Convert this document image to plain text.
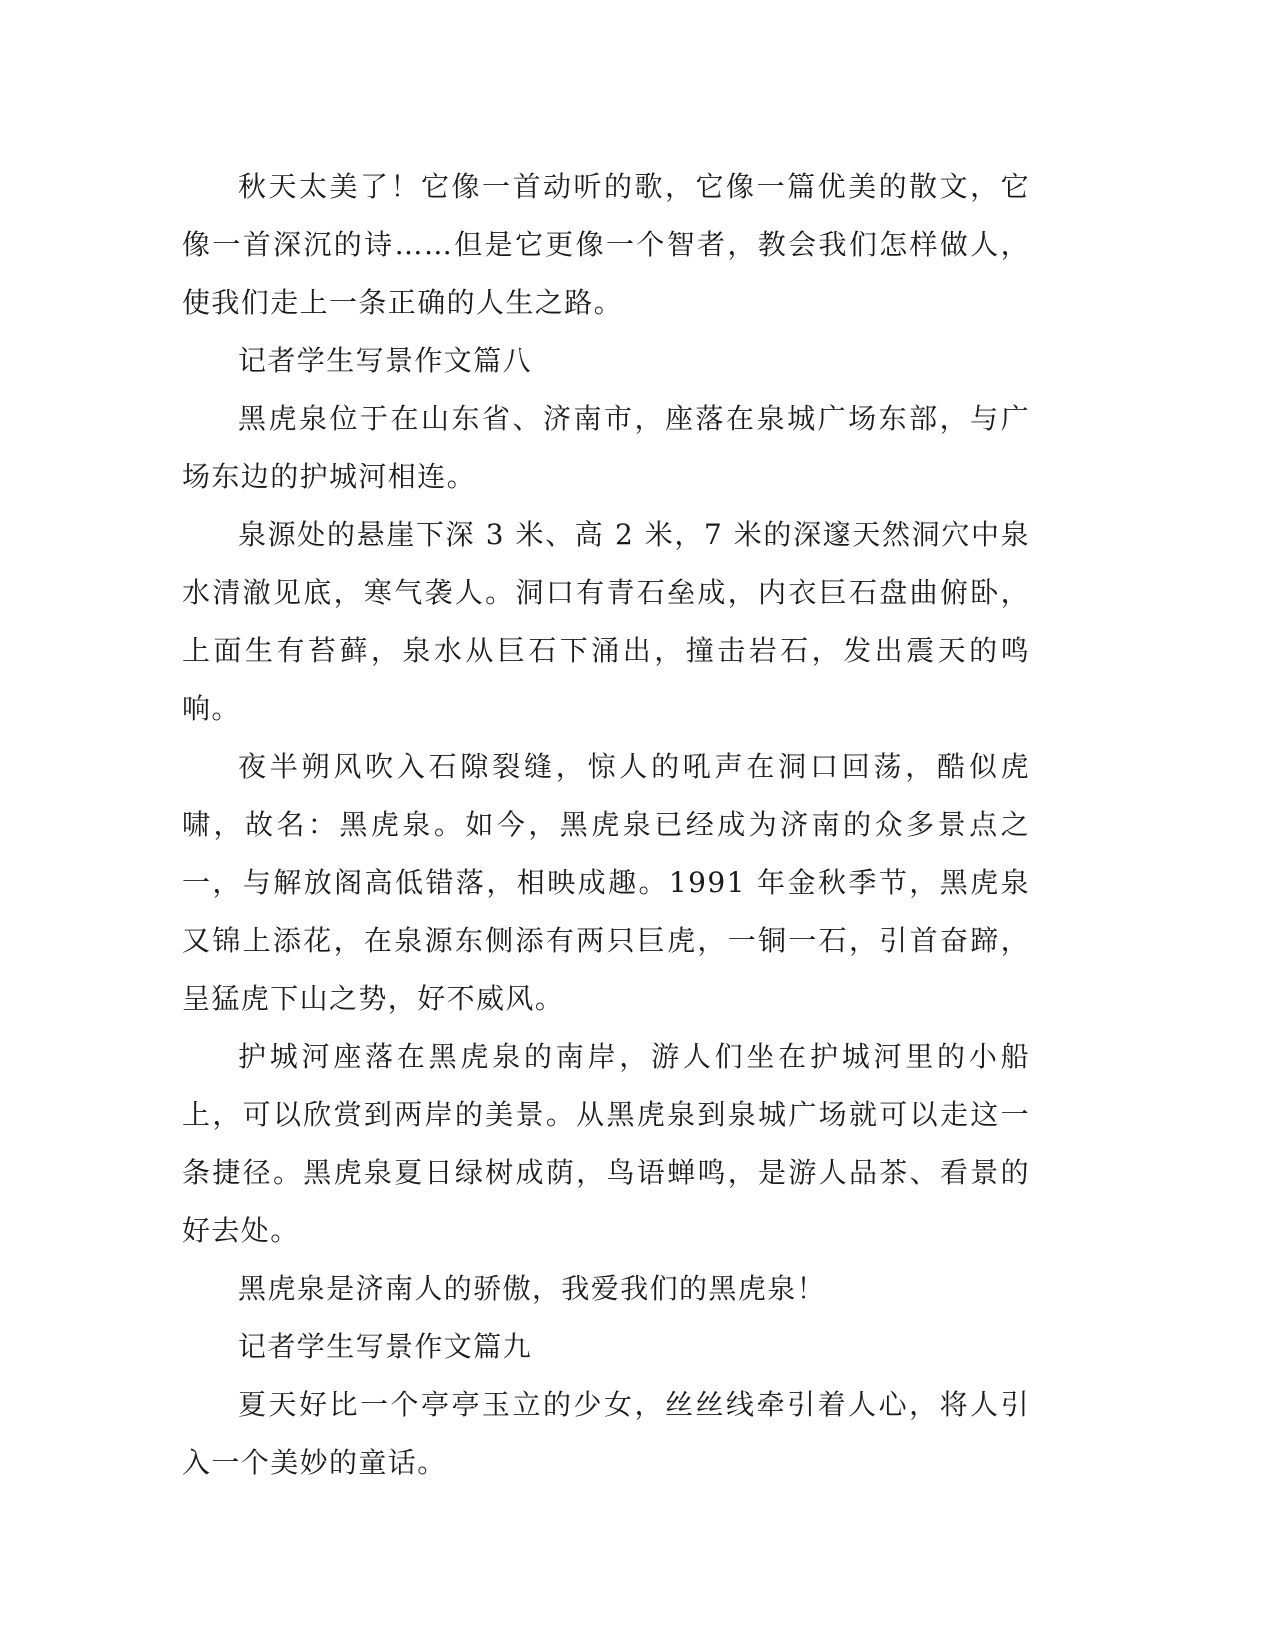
秋天太美了！它像一首动听的歌，它像一篇优美的散文，它像一首深沉的诗……但是它更像一个智者，教会我们怎样做人，使我们走上一条正确的人生之路。

记者学生写景作文篇八

黑虎泉位于在山东省、济南市，座落在泉城广场东部，与广场东边的护城河相连。

泉源处的悬崖下深 3 米、高 2 米，7 米的深邃天然洞穴中泉水清澈见底，寒气袭人。洞口有青石垒成，内衣巨石盘曲俯卧，上面生有苔藓，泉水从巨石下涌出，撞击岩石，发出震天的鸣响。

夜半朔风吹入石隙裂缝，惊人的吼声在洞口回荡，酷似虎啸，故名：黑虎泉。如今，黑虎泉已经成为济南的众多景点之一，与解放阁高低错落，相映成趣。1991 年金秋季节，黑虎泉又锦上添花，在泉源东侧添有两只巨虎，一铜一石，引首奋蹄，呈猛虎下山之势，好不威风。

护城河座落在黑虎泉的南岸，游人们坐在护城河里的小船上，可以欣赏到两岸的美景。从黑虎泉到泉城广场就可以走这一条捷径。黑虎泉夏日绿树成荫，鸟语蝉鸣，是游人品茶、看景的好去处。

黑虎泉是济南人的骄傲，我爱我们的黑虎泉！

记者学生写景作文篇九

夏天好比一个亭亭玉立的少女，丝丝线牵引着人心，将人引入一个美妙的童话。
